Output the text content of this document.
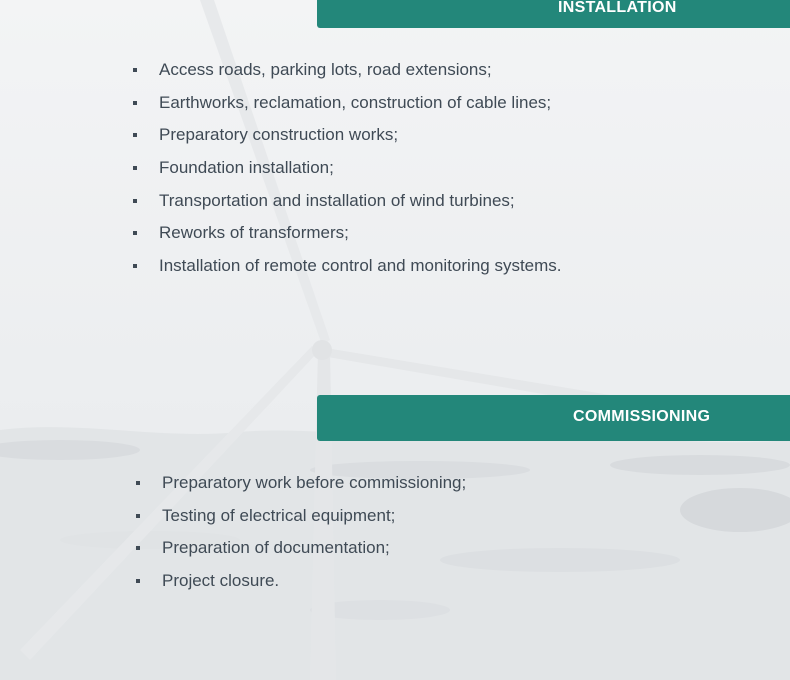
INSTALLATION
Access roads, parking lots, road extensions;
Earthworks, reclamation, construction of cable lines;
Preparatory construction works;
Foundation installation;
Transportation and installation of wind turbines;
Reworks of transformers;
Installation of remote control and monitoring systems.
COMMISSIONING
Preparatory work before commissioning;
Testing of electrical equipment;
Preparation of documentation;
Project closure.
